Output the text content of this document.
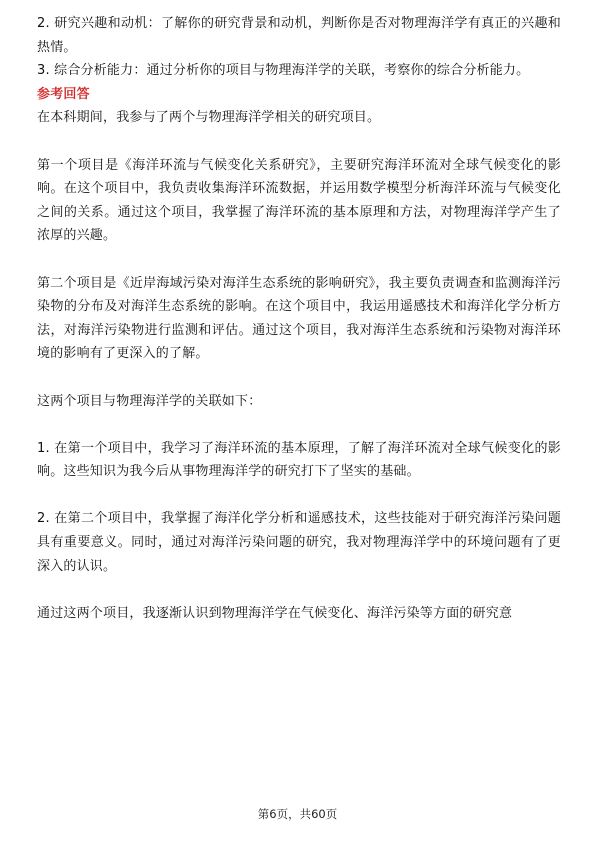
2. 研究兴趣和动机：了解你的研究背景和动机，判断你是否对物理海洋学有真正的兴趣和热情。

3. 综合分析能力：通过分析你的项目与物理海洋学的关联，考察你的综合分析能力。

参考回答

在本科期间，我参与了两个与物理海洋学相关的研究项目。

第一个项目是《海洋环流与气候变化关系研究》，主要研究海洋环流对全球气候变化的影响。在这个项目中，我负责收集海洋环流数据，并运用数学模型分析海洋环流与气候变化之间的关系。通过这个项目，我掌握了海洋环流的基本原理和方法，对物理海洋学产生了浓厚的兴趣。

第二个项目是《近岸海域污染对海洋生态系统的影响研究》，我主要负责调查和监测海洋污染物的分布及对海洋生态系统的影响。在这个项目中，我运用遥感技术和海洋化学分析方法，对海洋污染物进行监测和评估。通过这个项目，我对海洋生态系统和污染物对海洋环境的影响有了更深入的了解。

这两个项目与物理海洋学的关联如下：

1. 在第一个项目中，我学习了海洋环流的基本原理，了解了海洋环流对全球气候变化的影响。这些知识为我今后从事物理海洋学的研究打下了坚实的基础。

2. 在第二个项目中，我掌握了海洋化学分析和遥感技术，这些技能对于研究海洋污染问题具有重要意义。同时，通过对海洋污染问题的研究，我对物理海洋学中的环境问题有了更深入的认识。

通过这两个项目，我逐渐认识到物理海洋学在气候变化、海洋污染等方面的研究意

第6页，共60页
